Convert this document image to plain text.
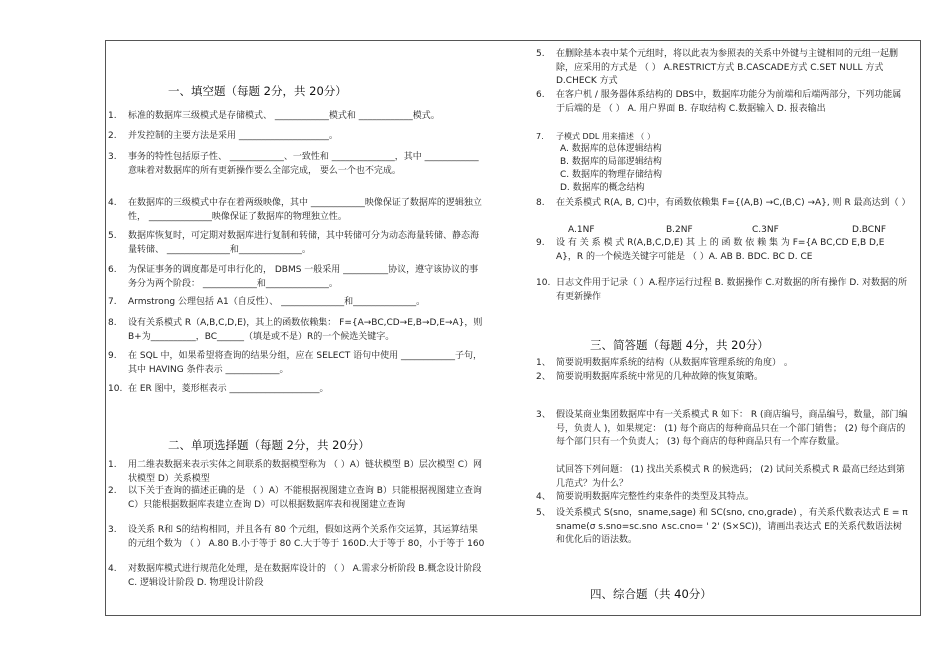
一、填空题（每题 2分，共 20分）
1.	标准的数据库三级模式是存储模式、 ____________模式和 ____________模式。
2.	并发控制的主要方法是采用 ____________________。
3.	事务的特性包括原子性、 ____________、一致性和 ______________，其中 ____________意味着对数据库的所有更新操作要么全部完成， 要么一个也不完成。
4.	在数据库的三级模式中存在着两级映像，其中 ____________映像保证了数据库的逻辑独立性， ______________映像保证了数据库的物理独立性。
5.	数据库恢复时，可定期对数据库进行复制和转储，其中转储可分为动态海量转储、静态海量转储、 ______________和______________。
6.	为保证事务的调度都是可串行化的， DBMS 一般采用 __________协议，遵守该协议的事务分为两个阶段： ____________和______________。
7.	Armstrong 公理包括 A1（自反性）、 ______________和______________。
8.	设有关系模式 R（A,B,C,D,E)，其上的函数依赖集： F={A→BC,CD→E,B→D,E→A}，则 B+为__________，BC______（填是或不是）R的一个候选关键字。
9.	在 SQL 中，如果希望将查询的结果分组，应在 SELECT 语句中使用 ____________子句，其中 HAVING 条件表示 ____________。
10. 在 ER 图中，菱形框表示 ____________________。
二、单项选择题（每题 2分，共 20分）
1.	用二维表数据来表示实体之间联系的数据模型称为 （ ）A）链状模型 B）层次模型 C）网状模型 D）关系模型
2.	以下关于查询的描述正确的是 （ ）A）不能根据视图建立查询 B）只能根据视图建立查询 C）只能根据数据库表建立查询 D）可以根据数据库表和视图建立查询
3.	设关系 R和 S的结构相同，并且各有 80 个元组，假如这两个关系作交运算，其运算结果的元组个数为 （ ） A.80 B.小于等于 80 C.大于等于 160D.大于等于 80，小于等于 160
4.	对数据库模式进行规范化处理，是在数据库设计的 （ ） A.需求分析阶段 B.概念设计阶段 C. 逻辑设计阶段 D. 物理设计阶段
5.	在删除基本表中某个元组时，将以此表为参照表的关系中外键与主键相同的元组一起删除，应采用的方式是 （ ） A.RESTRICT方式 B.CASCADE方式 C.SET NULL 方式 D.CHECK 方式
6.	在客户机 / 服务器体系结构的 DBS中，数据库功能分为前端和后端两部分，下列功能属于后端的是 （ ） A. 用户界面 B. 存取结构 C.数据输入 D. 报表输出
7.	子模式 DDL 用来描述 （ ）
A. 数据库的总体逻辑结构
B. 数据库的局部逻辑结构
C. 数据库的物理存储结构
D. 数据库的概念结构
8.	在关系模式 R(A, B, C)中，有函数依赖集 F={(A,B) →C,(B,C) →A}, 则 R 最高达到（ ）
A.1NF	B.2NF	C.3NF	D.BCNF
9.	设 有 关 系 模 式 R(A,B,C,D,E) 其 上 的 函 数 依 赖 集 为 F={A BC,CD E,B D,E A}，R 的一个候选关键字可能是 （ ）A. AB B. BDC. BC D. CE
10. 日志文件用于记录（ ）A.程序运行过程 B. 数据操作 C.对数据的所有操作 D. 对数据的所有更新操作
三、简答题（每题 4分，共 20分）
1、 简要说明数据库系统的结构（从数据库管理系统的角度） 。
2、 简要说明数据库系统中常见的几种故障的恢复策略。
3、 假设某商业集团数据库中有一关系模式 R 如下： R (商店编号，商品编号，数量，部门编号，负责人 )，如果规定： (1) 每个商店的每种商品只在一个部门销售； (2) 每个商店的每个部门只有一个负责人； (3) 每个商店的每种商品只有一个库存数量。
试回答下列问题： (1) 找出关系模式 R 的候选码； (2) 试问关系模式 R 最高已经达到第几范式？为什么？
4、 简要说明数据库完整性约束条件的类型及其特点。
5、 设关系模式 S(sno，sname,sage) 和 SC(sno, cno,grade) ，有关系代数表达式 E = π sname(σ s.sno=sc.sno ∧sc.cno= ' 2' (S×SC))，请画出表达式 E的关系代数语法树和优化后的语法数。
四、综合题（共 40分）
